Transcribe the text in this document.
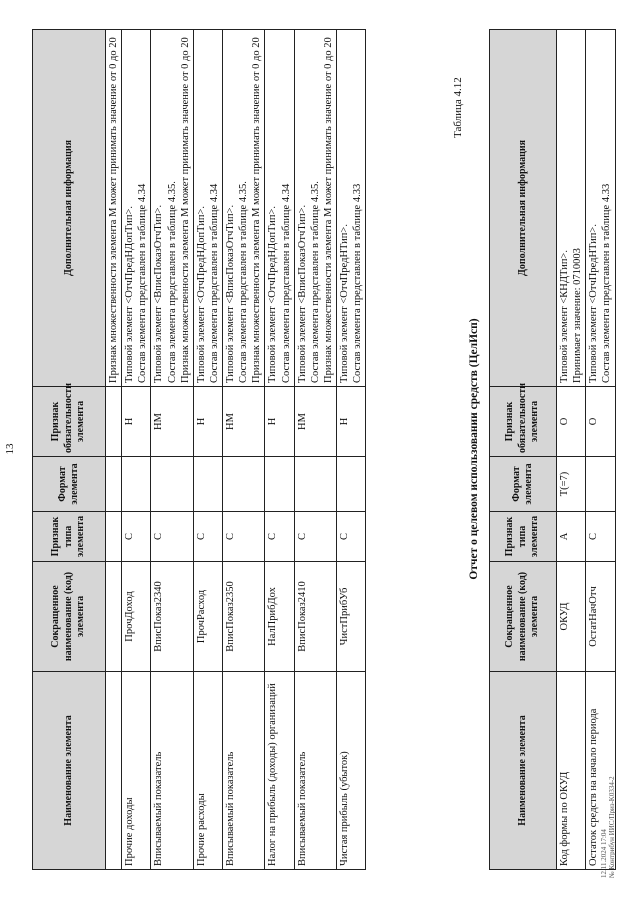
13
Наименование элемента	Сокращенное наименование (код) элемента	Признак типа элемента	Формат элемента	Признак обязательности элемента	Дополнительная информация

					Признак множественности элемента М может принимать значение от 0 до 20

Прочие доходы	ПрочДоход	С		Н	Типовой элемент <ОтчПредНДопТип>. Состав элемента представлен в таблице 4.34

Вписываемый показатель	ВписПоказ2340	С		НМ	Типовой элемент <ВписПоказОтчТип>. Состав элемента представлен в таблице 4.35. Признак множественности элемента М может принимать значение от 0 до 20

Прочие расходы	ПрочРасход	С		Н	Типовой элемент <ОтчПредНДопТип>. Состав элемента представлен в таблице 4.34

Вписываемый показатель	ВписПоказ2350	С		НМ	Типовой элемент <ВписПоказОтчТип>. Состав элемента представлен в таблице 4.35. Признак множественности элемента М может принимать значение от 0 до 20

Налог на прибыль (доходы) организаций	НалПрибДох	С		Н	Типовой элемент <ОтчПредНДопТип>. Состав элемента представлен в таблице 4.34

Вписываемый показатель	ВписПоказ2410	С		НМ	Типовой элемент <ВписПоказОтчТип>. Состав элемента представлен в таблице 4.35. Признак множественности элемента М может принимать значение от 0 до 20

Чистая прибыль (убыток)	ЧистПрибУб	С		Н	Типовой элемент <ОтчПредНТип>. Состав элемента представлен в таблице 4.33
Таблица 4.12
Отчет о целевом использовании средств (ЦелИсп)
Наименование элемента	Сокращенное наименование (код) элемента	Признак типа элемента	Формат элемента	Признак обязательности элемента	Дополнительная информация
Код формы по ОКУД	ОКУД	А	T(=7)	О	Типовой элемент <КНДТип>. Принимает значение: 0710003

Остаток средств на начало периода	ОстатНачОтч	С		О	Типовой элемент <ОтчПредНТип>. Состав элемента представлен в таблице 4.33
12.11.2024 17:04 № Контрибун ИИС/Приз-K0334-2
